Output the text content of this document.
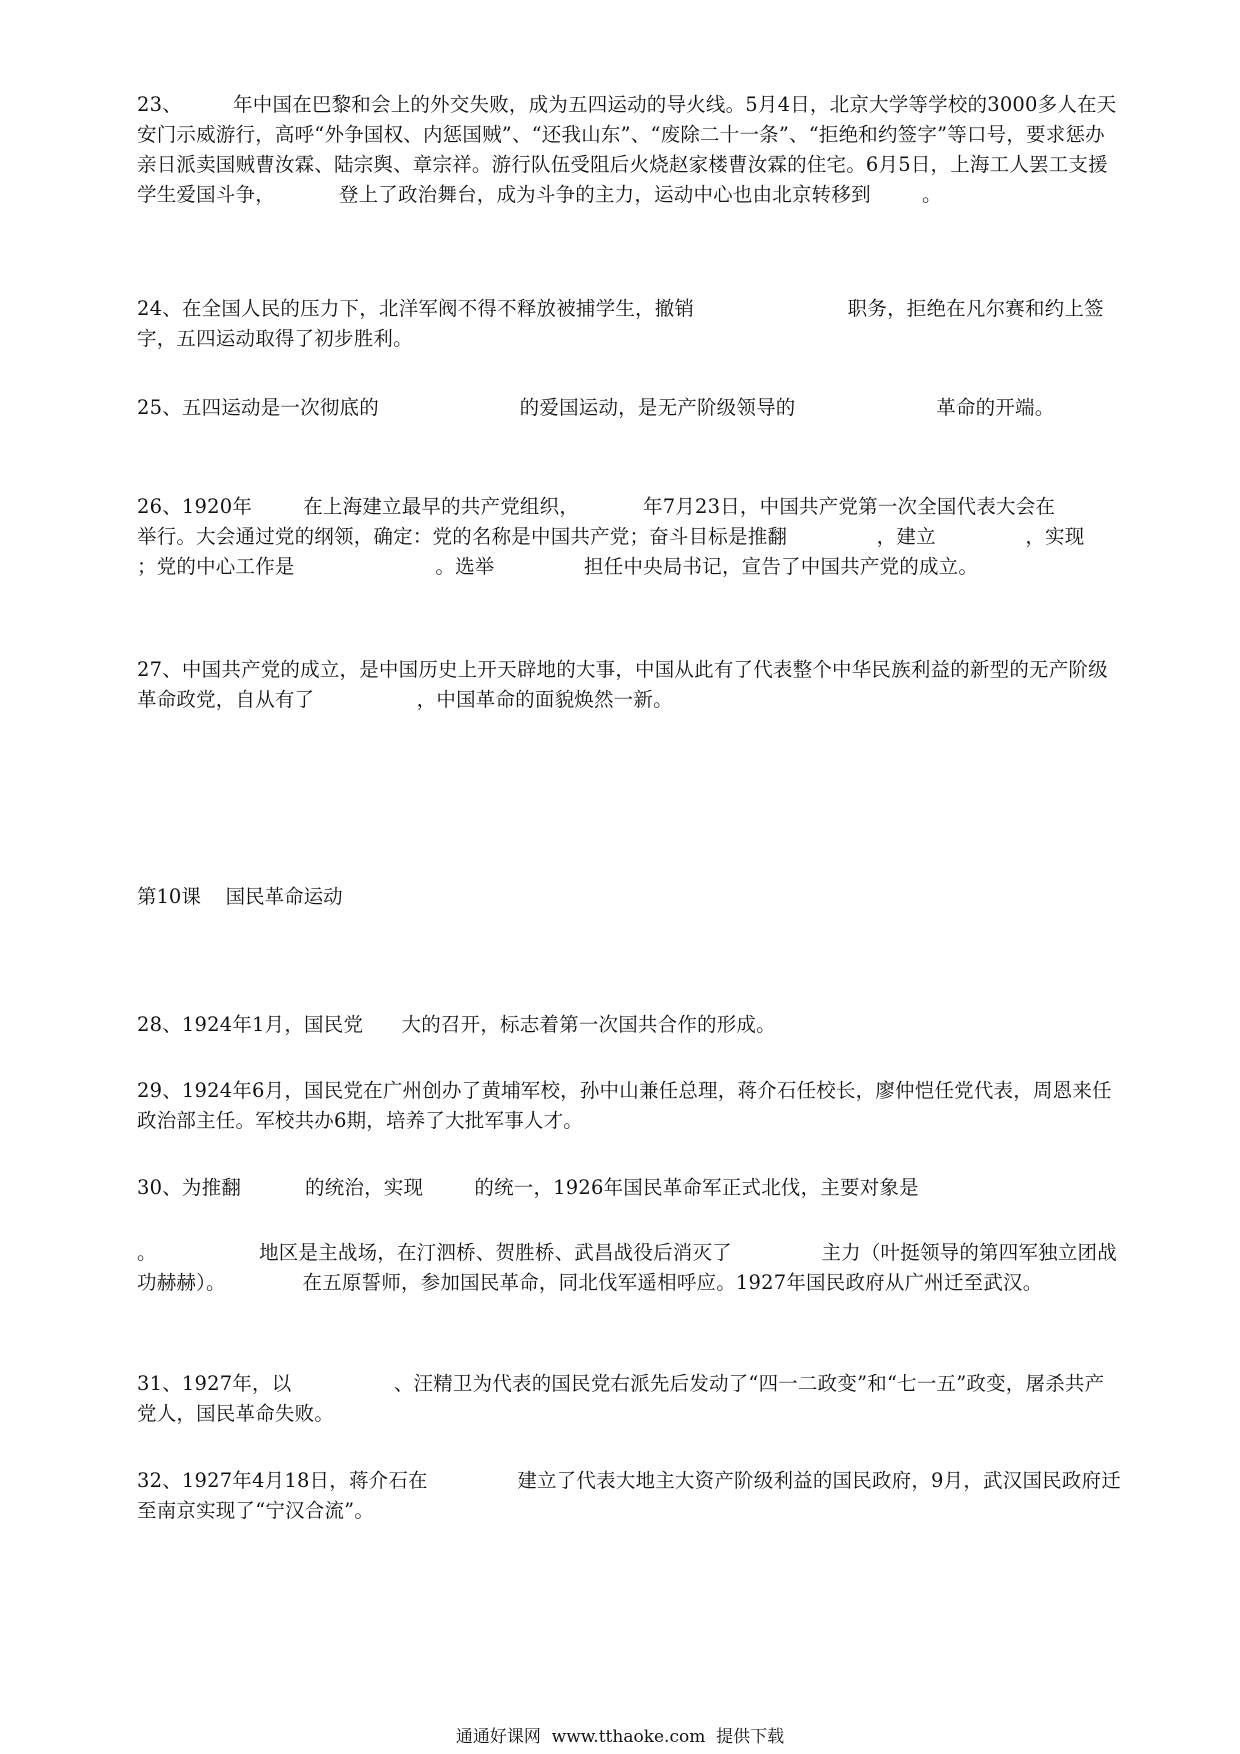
23、        年中国在巴黎和会上的外交失败，成为五四运动的导火线。5月4日，北京大学等学校的3000多人在天安门示威游行，高呼“外争国权、内惩国贼”、“还我山东”、“废除二十一条”、“拒绝和约签字”等口号，要求惩办亲日派卖国贼曹汝霖、陆宗舆、章宗祥。游行队伍受阻后火烧赵家楼曹汝霖的住宅。6月5日，上海工人罢工支援学生爱国斗争，          登上了政治舞台，成为斗争的主力，运动中心也由北京转移到        。

24、在全国人民的压力下，北洋军阀不得不释放被捕学生，撤销                        职务，拒绝在凡尔赛和约上签字，五四运动取得了初步胜利。

25、五四运动是一次彻底的                      的爱国运动，是无产阶级领导的                      革命的开端。

26、1920年        在上海建立最早的共产党组织，          年7月23日，中国共产党第一次全国代表大会在          举行。大会通过党的纲领，确定：党的名称是中国共产党；奋斗目标是推翻              ，建立              ，实现                ；党的中心工作是                      。选举              担任中央局书记，宣告了中国共产党的成立。

27、中国共产党的成立，是中国历史上开天辟地的大事，中国从此有了代表整个中华民族利益的新型的无产阶级革命政党，自从有了                ，中国革命的面貌焕然一新。

第10课    国民革命运动

28、1924年1月，国民党      大的召开，标志着第一次国共合作的形成。

29、1924年6月，国民党在广州创办了黄埔军校，孙中山兼任总理，蒋介石任校长，廖仲恺任党代表，周恩来任政治部主任。军校共办6期，培养了大批军事人才。

30、为推翻          的统治，实现        的统一，1926年国民革命军正式北伐，主要对象是

。                地区是主战场，在汀泗桥、贺胜桥、武昌战役后消灭了              主力（叶挺领导的第四军独立团战功赫赫）。            在五原誓师，参加国民革命，同北伐军遥相呼应。1927年国民政府从广州迁至武汉。

31、1927年，以                、汪精卫为代表的国民党右派先后发动了“四一二政变”和“七一五”政变，屠杀共产党人，国民革命失败。

32、1927年4月18日，蒋介石在              建立了代表大地主大资产阶级利益的国民政府，9月，武汉国民政府迁至南京实现了“宁汉合流”。

通通好课网  www.tthaoke.com  提供下载
